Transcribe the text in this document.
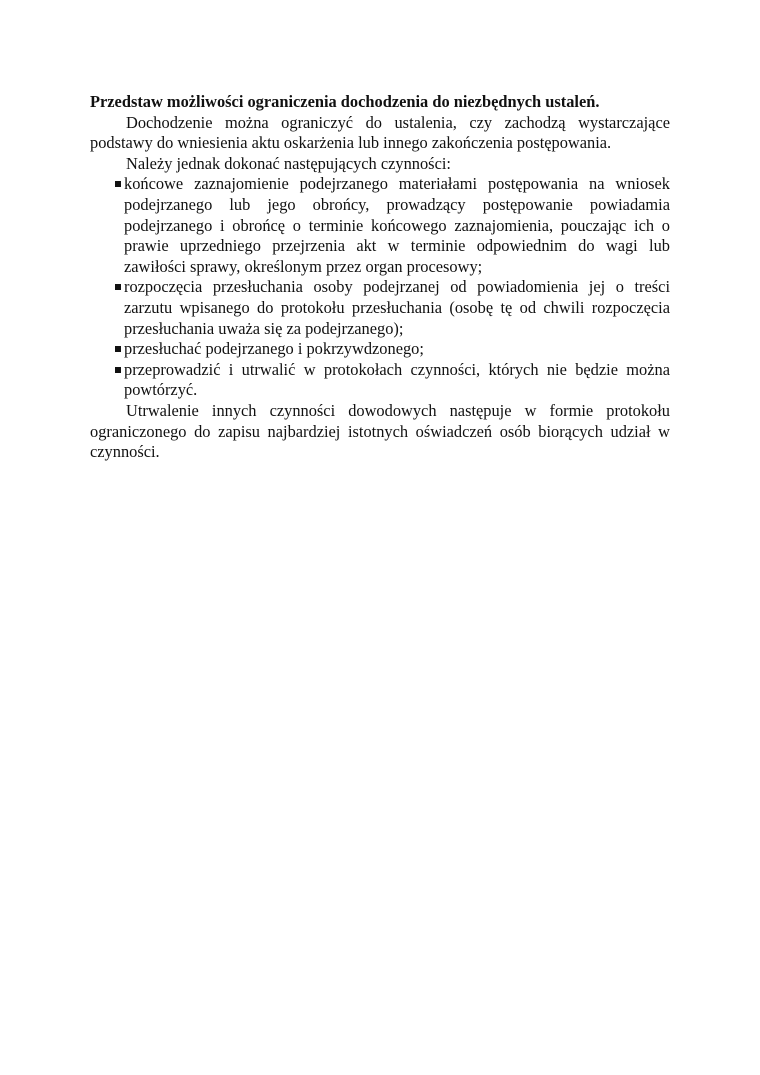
Przedstaw możliwości ograniczenia dochodzenia do niezbędnych ustaleń.

Dochodzenie można ograniczyć do ustalenia, czy zachodzą wystarczające podstawy do wniesienia aktu oskarżenia lub innego zakończenia postępowania.

Należy jednak dokonać następujących czynności:

końcowe zaznajomienie podejrzanego materiałami postępowania na wniosek podejrzanego lub jego obrońcy, prowadzący postępowanie powiadamia podejrzanego i obrońcę o terminie końcowego zaznajomienia, pouczając ich o prawie uprzedniego przejrzenia akt w terminie odpowiednim do wagi lub zawiłości sprawy, określonym przez organ procesowy;
rozpoczęcia przesłuchania osoby podejrzanej od powiadomienia jej o treści zarzutu wpisanego do protokołu przesłuchania (osobę tę od chwili rozpoczęcia przesłuchania uważa się za podejrzanego);
przesłuchać podejrzanego i pokrzywdzonego;
przeprowadzić i utrwalić w protokołach czynności, których nie będzie można powtórzyć.

Utrwalenie innych czynności dowodowych następuje w formie protokołu ograniczonego do zapisu najbardziej istotnych oświadczeń osób biorących udział w czynności.
